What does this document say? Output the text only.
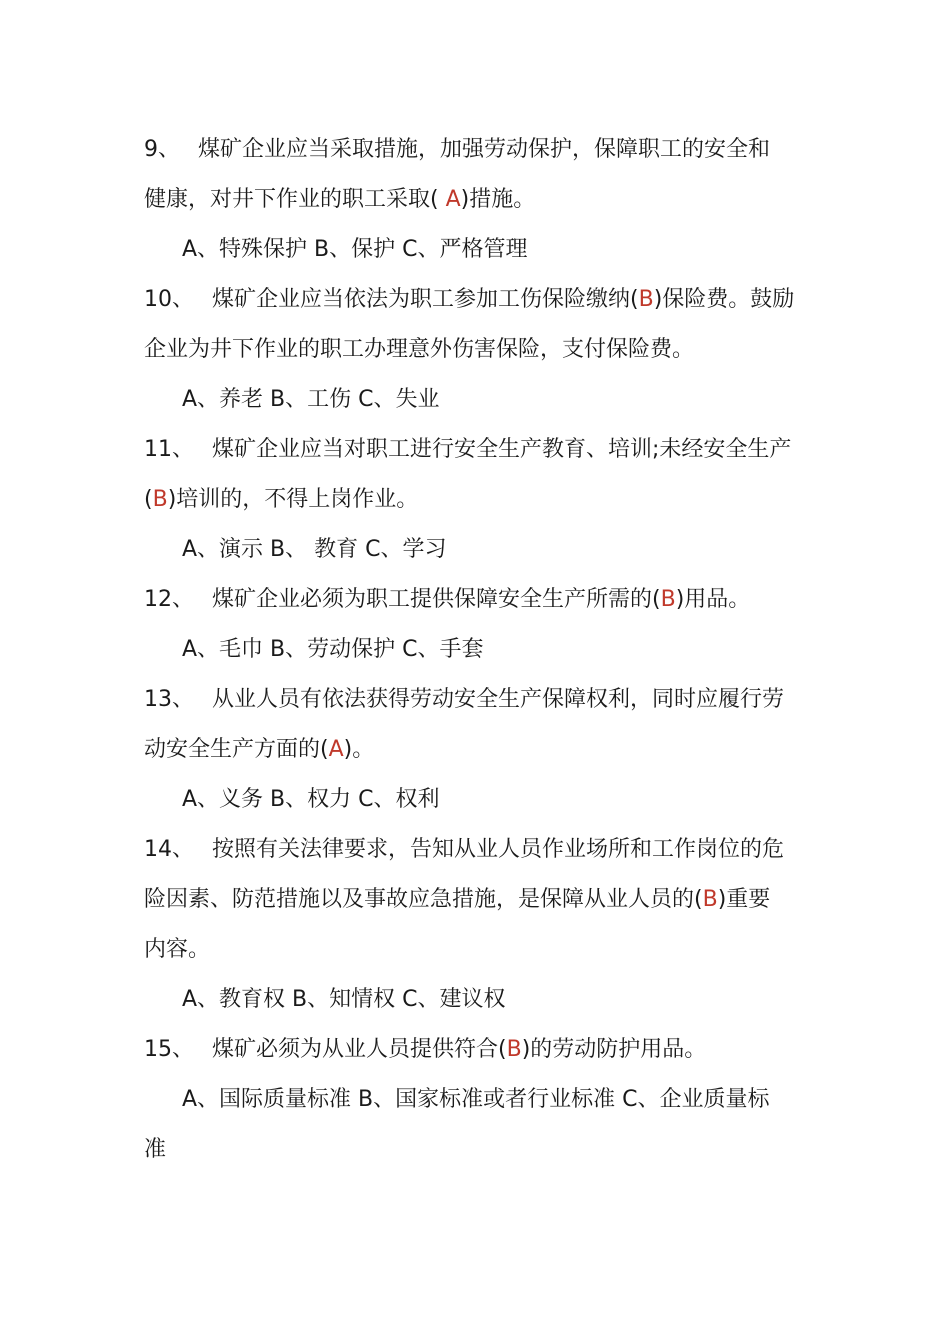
9、 煤矿企业应当采取措施，加强劳动保护，保障职工的安全和
健康，对井下作业的职工采取( A)措施。
A、特殊保护 B、保护 C、严格管理
10、 煤矿企业应当依法为职工参加工伤保险缴纳(B)保险费。鼓励
企业为井下作业的职工办理意外伤害保险，支付保险费。
A、养老 B、工伤 C、失业
11、 煤矿企业应当对职工进行安全生产教育、培训;未经安全生产
(B)培训的，不得上岗作业。
A、演示 B、 教育 C、学习
12、 煤矿企业必须为职工提供保障安全生产所需的(B)用品。
A、毛巾 B、劳动保护 C、手套
13、 从业人员有依法获得劳动安全生产保障权利，同时应履行劳
动安全生产方面的(A)。
A、义务 B、权力 C、权利
14、 按照有关法律要求，告知从业人员作业场所和工作岗位的危
险因素、防范措施以及事故应急措施，是保障从业人员的(B)重要
内容。
A、教育权 B、知情权 C、建议权
15、 煤矿必须为从业人员提供符合(B)的劳动防护用品。
A、国际质量标准 B、国家标准或者行业标准 C、企业质量标
准
